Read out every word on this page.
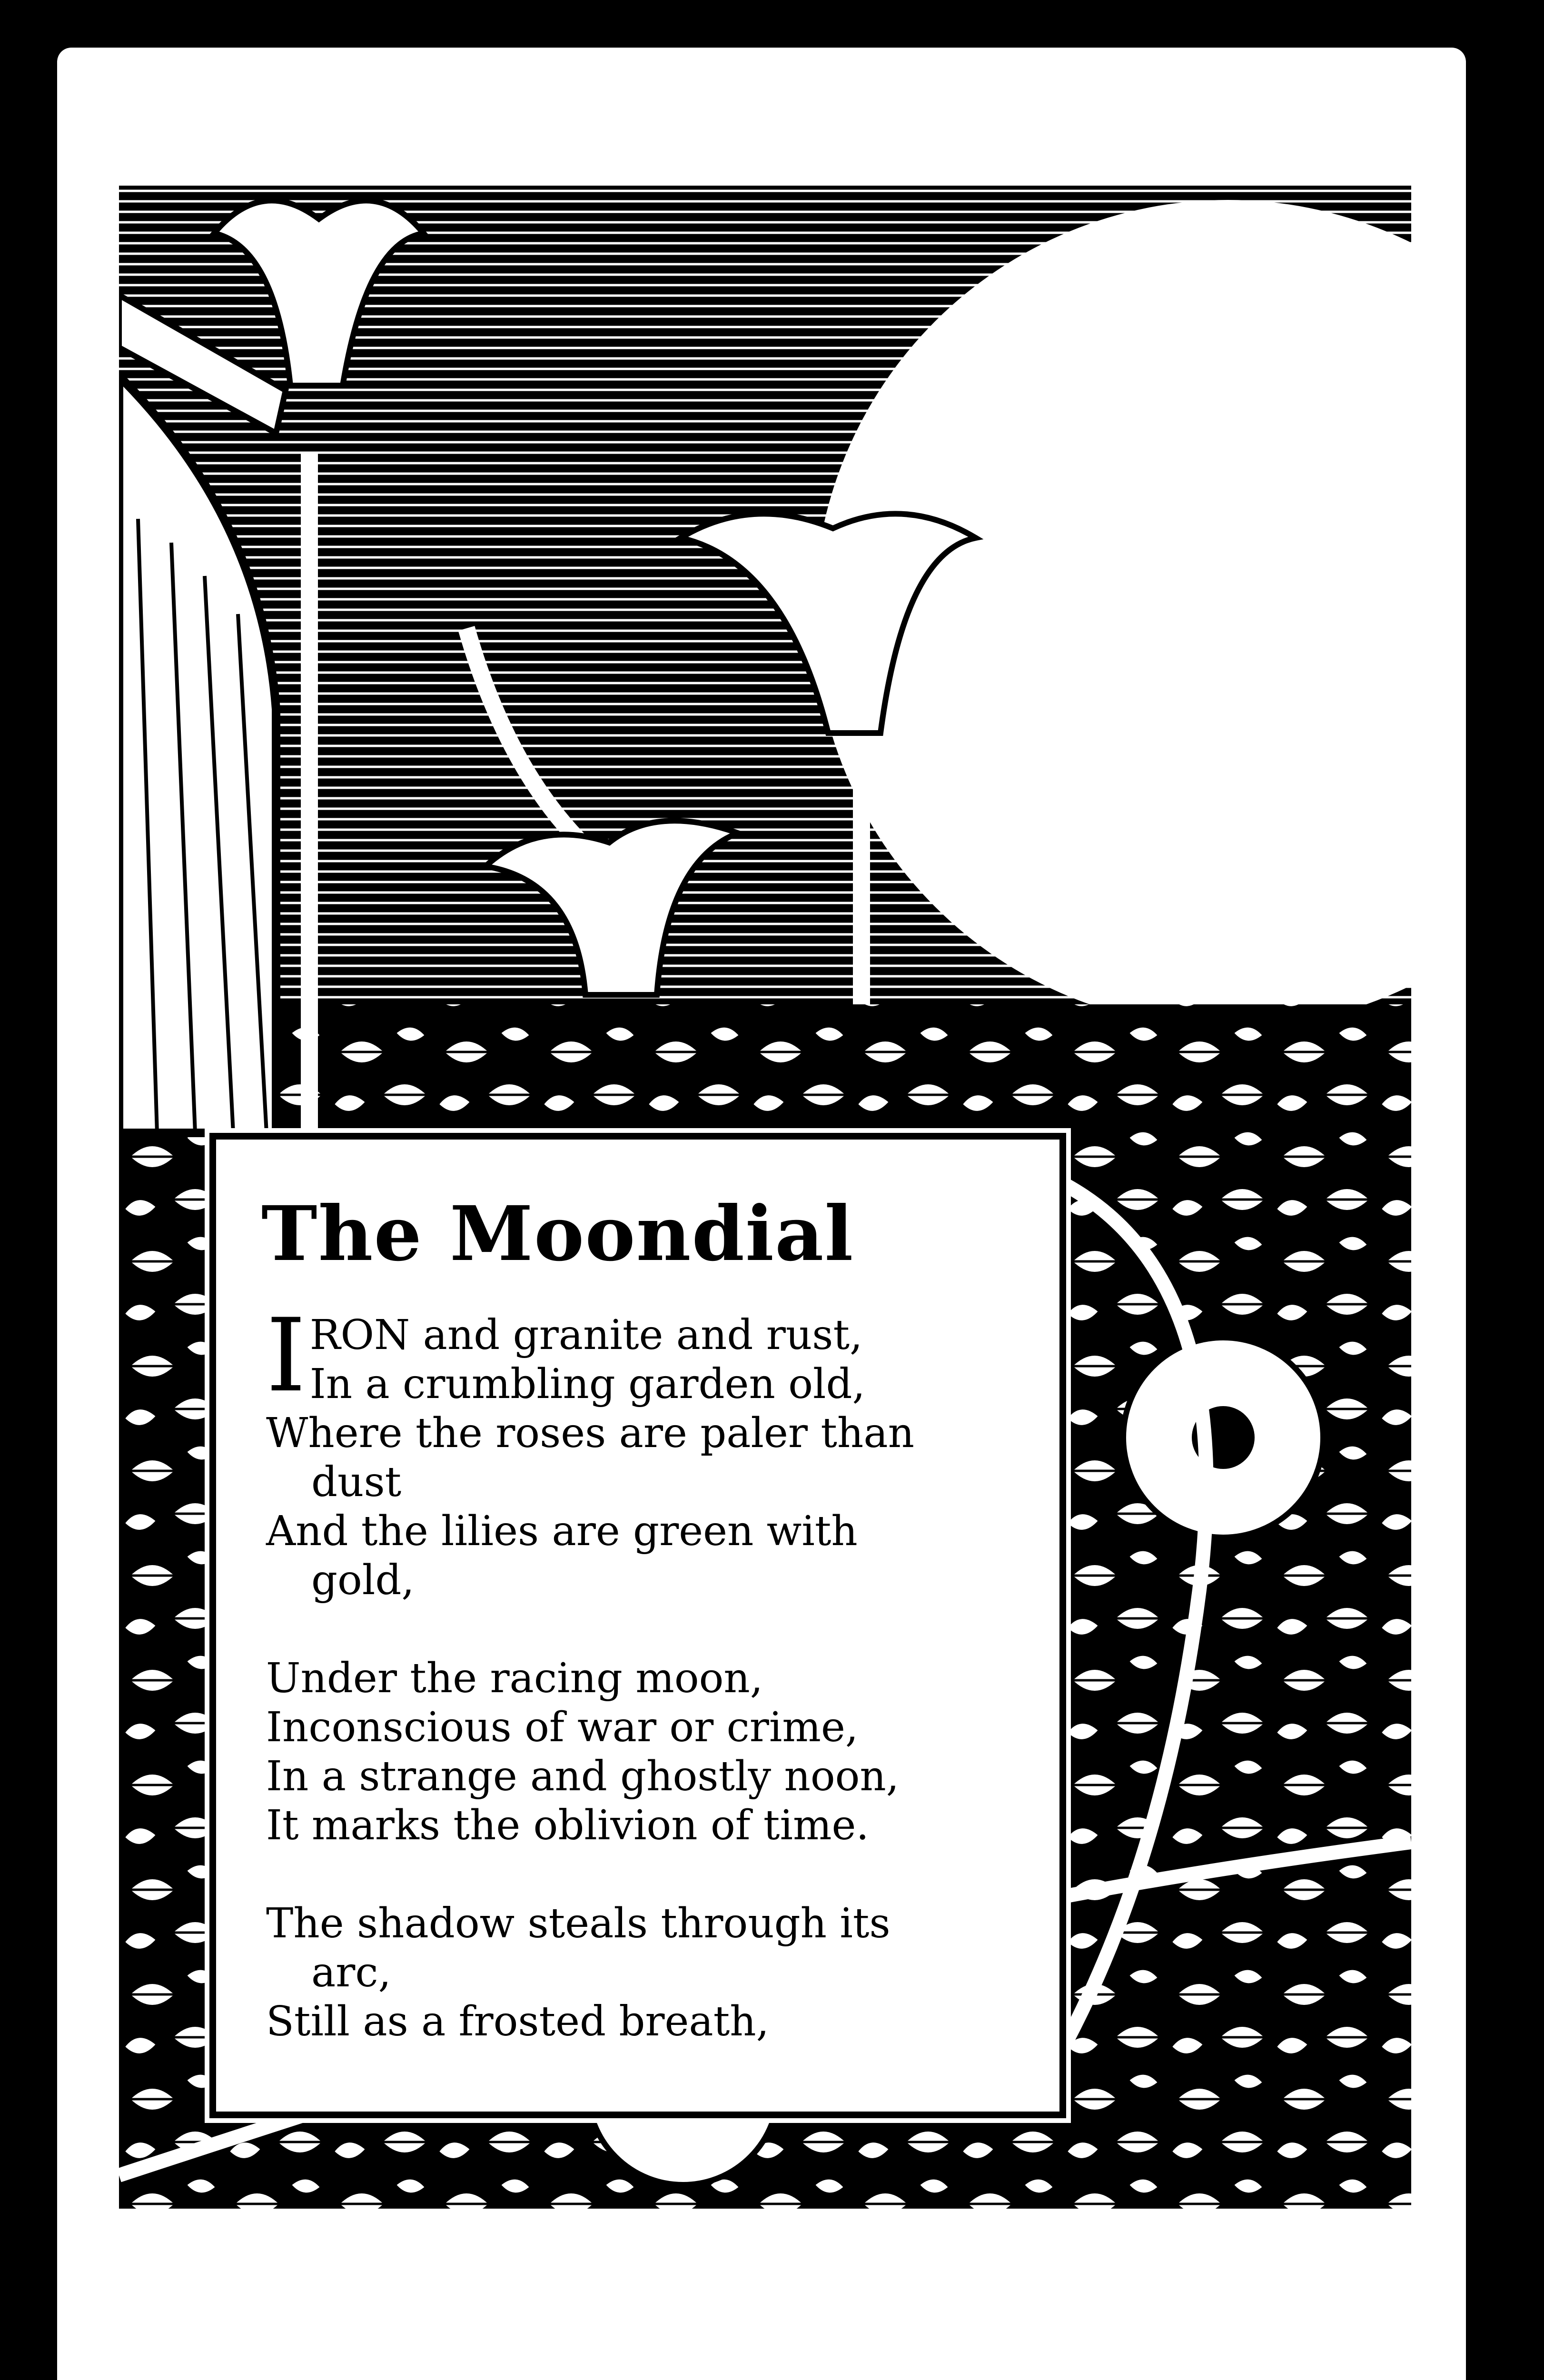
The Moondial
I RON and granite and rust,
In a crumbling garden old,
Where the roses are paler than
dust
And the lilies are green with
gold,
Under the racing moon,
Inconscious of war or crime,
In a strange and ghostly noon,
It marks the oblivion of time.
The shadow steals through its
arc,
Still as a frosted breath,
